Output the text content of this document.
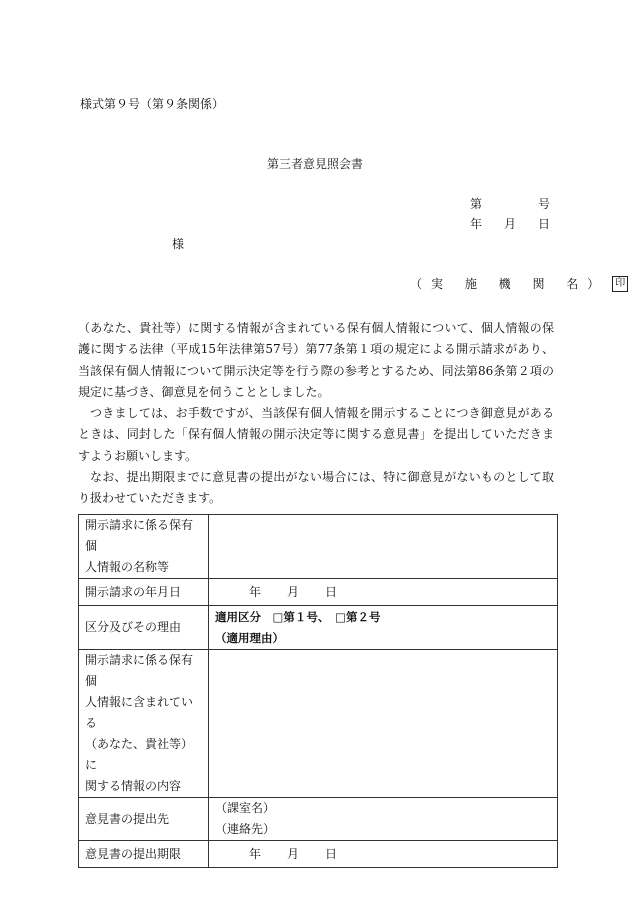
様式第９号（第９条関係）
第三者意見照会書
第	号
年 月 日
様
（実 施 機 関 名） 印

（あなた、貴社等）に関する情報が含まれている保有個人情報について、個人情報の保護に関する法律（平成15年法律第57号）第77条第１項の規定による開示請求があり、当該保有個人情報について開示決定等を行う際の参考とするため、同法第86条第２項の規定に基づき、御意見を伺うこととしました。

つきましては、お手数ですが、当該保有個人情報を開示することにつき御意見があるときは、同封した「保有個人情報の開示決定等に関する意見書」を提出していただきますようお願いします。

なお、提出期限までに意見書の提出がない場合には、特に御意見がないものとして取り扱わせていただきます。

開示請求に係る保有個
人情報の名称等	

開示請求の年月日	年 月 日
区分及びその理由	適用区分　□第１号、　□第２号
（適用理由）

開示請求に係る保有個
人情報に含まれている
（あなた、貴社等）に
関する情報の内容	

意見書の提出先	（課室名）
（連絡先）

意見書の提出期限	年 月 日
